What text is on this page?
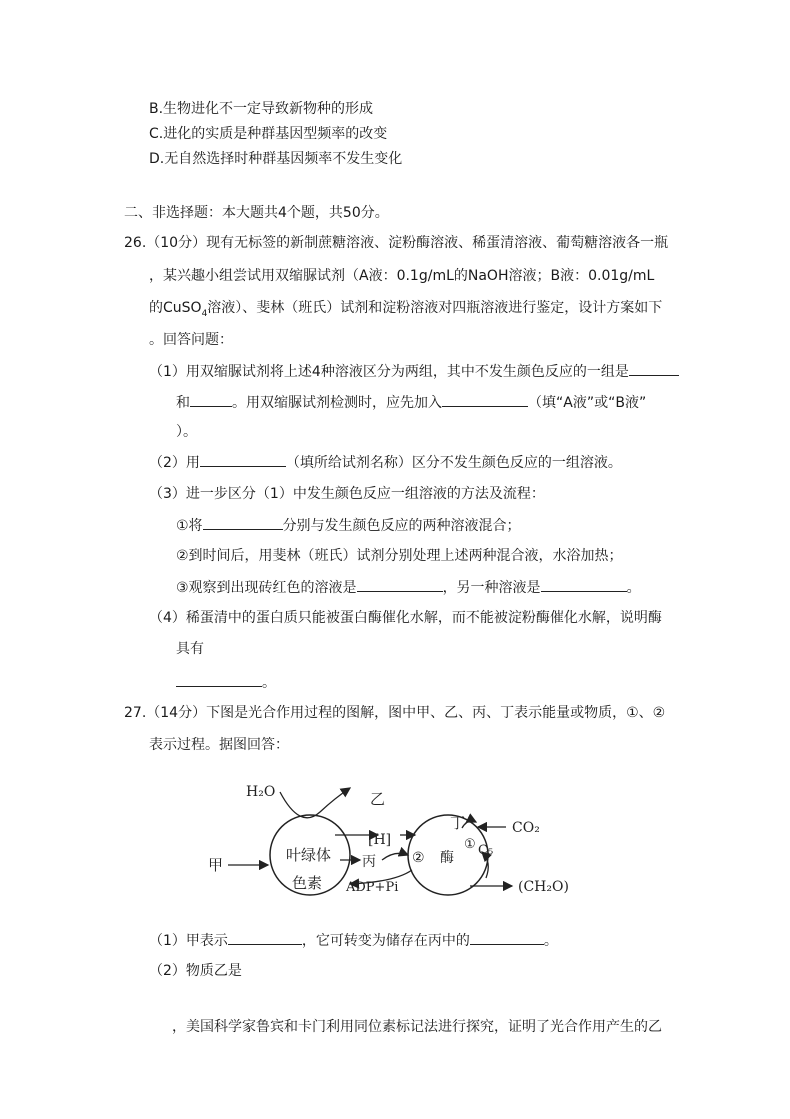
B.生物进化不一定导致新物种的形成
C.进化的实质是种群基因型频率的改变
D.无自然选择时种群基因频率不发生变化
二、非选择题：本大题共4个题，共50分。
26.（10分）现有无标签的新制蔗糖溶液、淀粉酶溶液、稀蛋清溶液、葡萄糖溶液各一瓶
，某兴趣小组尝试用双缩脲试剂（A液：0.1g/mL的NaOH溶液；B液：0.01g/mL
的CuSO$_4$溶液）、斐林（班氏）试剂和淀粉溶液对四瓶溶液进行鉴定，设计方案如下
。回答问题：
（1）用双缩脲试剂将上述4种溶液区分为两组，其中不发生颜色反应的一组是
和	。用双缩脲试剂检测时，应先加入	（填“A液”或“B液”
）。
（2）用	（填所给试剂名称）区分不发生颜色反应的一组溶液。
（3）进一步区分（1）中发生颜色反应一组溶液的方法及流程：
①将	分别与发生颜色反应的两种溶液混合；
②到时间后，用斐林（班氏）试剂分别处理上述两种混合液，水浴加热；
③观察到出现砖红色的溶液是	，另一种溶液是	。
（4）稀蛋清中的蛋白质只能被蛋白酶催化水解，而不能被淀粉酶催化水解，说明酶
具有
。
27.（14分）下图是光合作用过程的图解，图中甲、乙、丙、丁表示能量或物质，①、②
表示过程。据图回答：
H₂O	乙
[H]
丁	CO₂
甲
叶绿体
色素
丙	② 酶
① C₅
ADP+Pi	(CH₂O)
（1）甲表示	，它可转变为储存在丙中的	。
（2）物质乙是
，美国科学家鲁宾和卡门利用同位素标记法进行探究，证明了光合作用产生的乙
